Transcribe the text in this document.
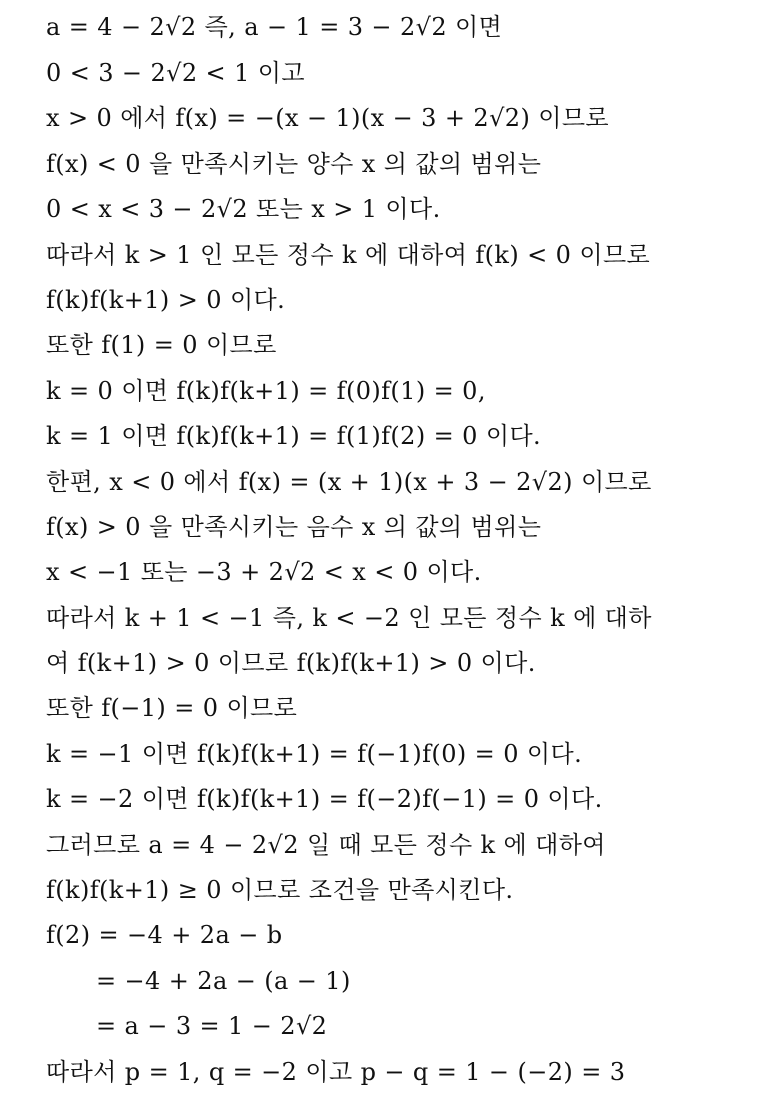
a = 4 − 2√2 즉, a − 1 = 3 − 2√2 이면
0 < 3 − 2√2 < 1 이고
x > 0 에서 f(x) = −(x − 1)(x − 3 + 2√2) 이므로
f(x) < 0 을 만족시키는 양수 x 의 값의 범위는
0 < x < 3 − 2√2 또는 x > 1 이다.
따라서 k > 1 인 모든 정수 k 에 대하여 f(k) < 0 이므로
f(k)f(k+1) > 0 이다.
또한 f(1) = 0 이므로
k = 0 이면 f(k)f(k+1) = f(0)f(1) = 0,
k = 1 이면 f(k)f(k+1) = f(1)f(2) = 0 이다.
한편, x < 0 에서 f(x) = (x + 1)(x + 3 − 2√2) 이므로
f(x) > 0 을 만족시키는 음수 x 의 값의 범위는
x < −1 또는 −3 + 2√2 < x < 0 이다.
따라서 k + 1 < −1 즉, k < −2 인 모든 정수 k 에 대하
여 f(k+1) > 0 이므로 f(k)f(k+1) > 0 이다.
또한 f(−1) = 0 이므로
k = −1 이면 f(k)f(k+1) = f(−1)f(0) = 0 이다.
k = −2 이면 f(k)f(k+1) = f(−2)f(−1) = 0 이다.
그러므로 a = 4 − 2√2 일 때 모든 정수 k 에 대하여
f(k)f(k+1) ≥ 0 이므로 조건을 만족시킨다.
f(2) = −4 + 2a − b
= −4 + 2a − (a − 1)
= a − 3 = 1 − 2√2
따라서 p = 1, q = −2 이고 p − q = 1 − (−2) = 3
